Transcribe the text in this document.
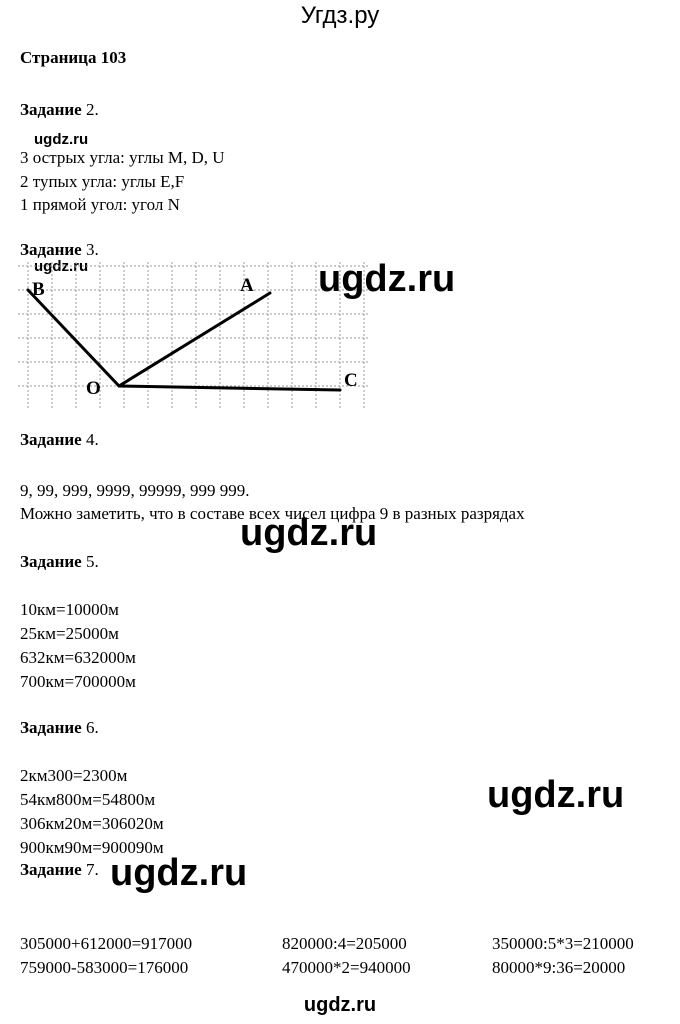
Угдз.ру
Страница 103
Задание 2.
ugdz.ru
3 острых угла: углы M, D, U
2 тупых угла: углы E,F
1 прямой угол: угол N
Задание 3.
ugdz.ru
B	A
O	C
ugdz.ru
Задание 4.
9, 99, 999, 9999, 99999, 999 999.
Можно заметить, что в составе всех чисел цифра 9 в разных разрядах
ugdz.ru
Задание 5.
10км=10000м
25км=25000м
632км=632000м
700км=700000м
Задание 6.
2км300=2300м
54км800м=54800м
306км20м=306020м
900км90м=900090м
ugdz.ru
ugdz.ru
Задание 7.
305000+612000=917000	820000:4=205000	350000:5*3=210000
759000-583000=176000	470000*2=940000	80000*9:36=20000
ugdz.ru
